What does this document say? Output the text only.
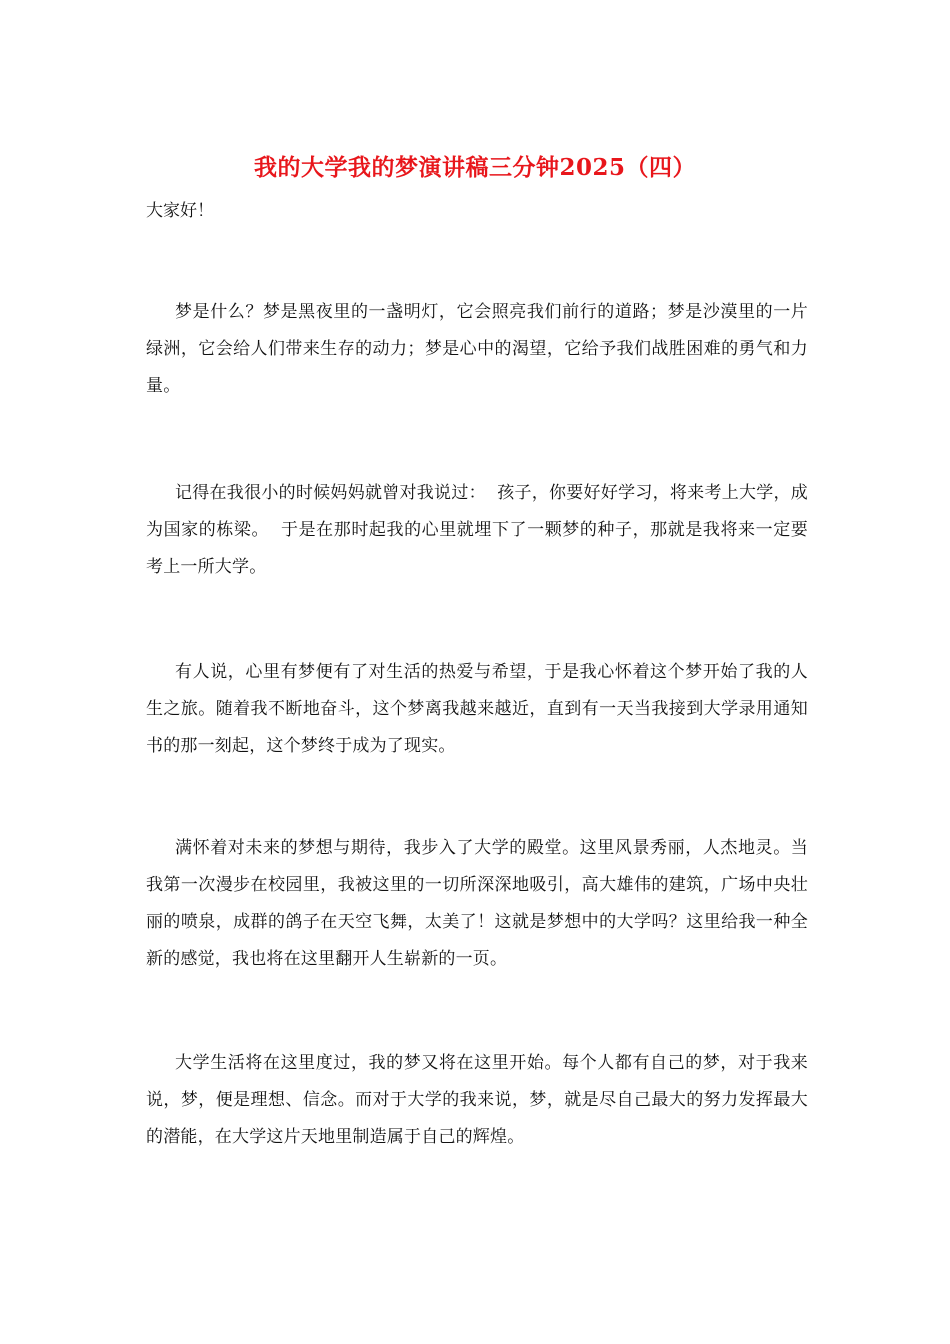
我的大学我的梦演讲稿三分钟2025（四）

大家好！

梦是什么？梦是黑夜里的一盏明灯，它会照亮我们前行的道路；梦是沙漠里的一片绿洲，它会给人们带来生存的动力；梦是心中的渴望，它给予我们战胜困难的勇气和力量。

记得在我很小的时候妈妈就曾对我说过：  孩子，你要好好学习，将来考上大学，成为国家的栋梁。  于是在那时起我的心里就埋下了一颗梦的种子，那就是我将来一定要考上一所大学。

有人说，心里有梦便有了对生活的热爱与希望，于是我心怀着这个梦开始了我的人生之旅。随着我不断地奋斗，这个梦离我越来越近，直到有一天当我接到大学录用通知书的那一刻起，这个梦终于成为了现实。

满怀着对未来的梦想与期待，我步入了大学的殿堂。这里风景秀丽，人杰地灵。当我第一次漫步在校园里，我被这里的一切所深深地吸引，高大雄伟的建筑，广场中央壮丽的喷泉，成群的鸽子在天空飞舞，太美了！这就是梦想中的大学吗？这里给我一种全新的感觉，我也将在这里翻开人生崭新的一页。

大学生活将在这里度过，我的梦又将在这里开始。每个人都有自己的梦，对于我来说，梦，便是理想、信念。而对于大学的我来说，梦，就是尽自己最大的努力发挥最大的潜能，在大学这片天地里制造属于自己的辉煌。
